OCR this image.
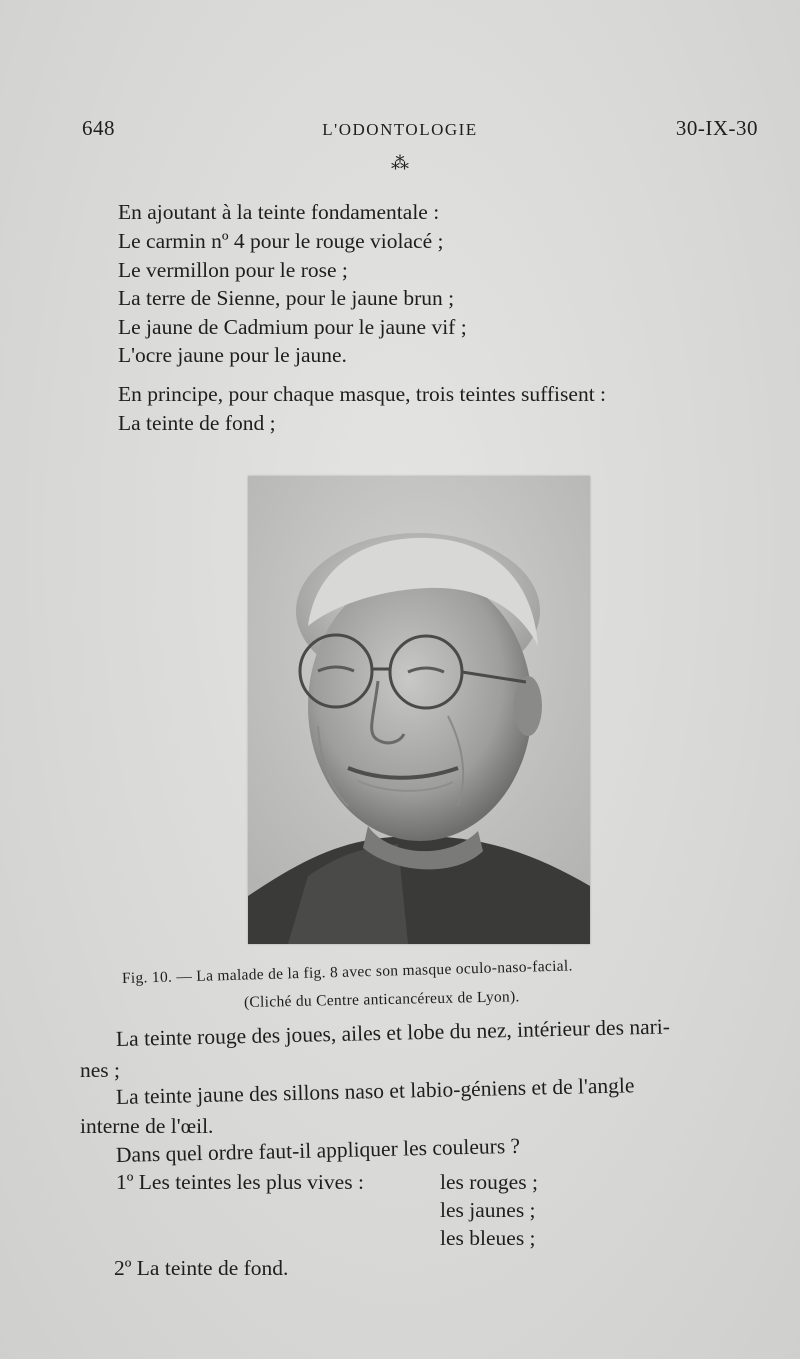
648	L'ODONTOLOGIE	30-IX-30
⁂
En ajoutant à la teinte fondamentale :
Le carmin nº 4 pour le rouge violacé ;
Le vermillon pour le rose ;
La terre de Sienne, pour le jaune brun ;
Le jaune de Cadmium pour le jaune vif ;
L'ocre jaune pour le jaune.
En principe, pour chaque masque, trois teintes suffisent :
La teinte de fond ;
Fig. 10. — La malade de la fig. 8 avec son masque oculo-naso-facial.
(Cliché du Centre anticancéreux de Lyon).
La teinte rouge des joues, ailes et lobe du nez, intérieur des nari-
nes ;
La teinte jaune des sillons naso et labio-géniens et de l'angle
interne de l'œil.
Dans quel ordre faut-il appliquer les couleurs ?
1º Les teintes les plus vives :	les rouges ;
les jaunes ;
les bleues ;
2º La teinte de fond.
